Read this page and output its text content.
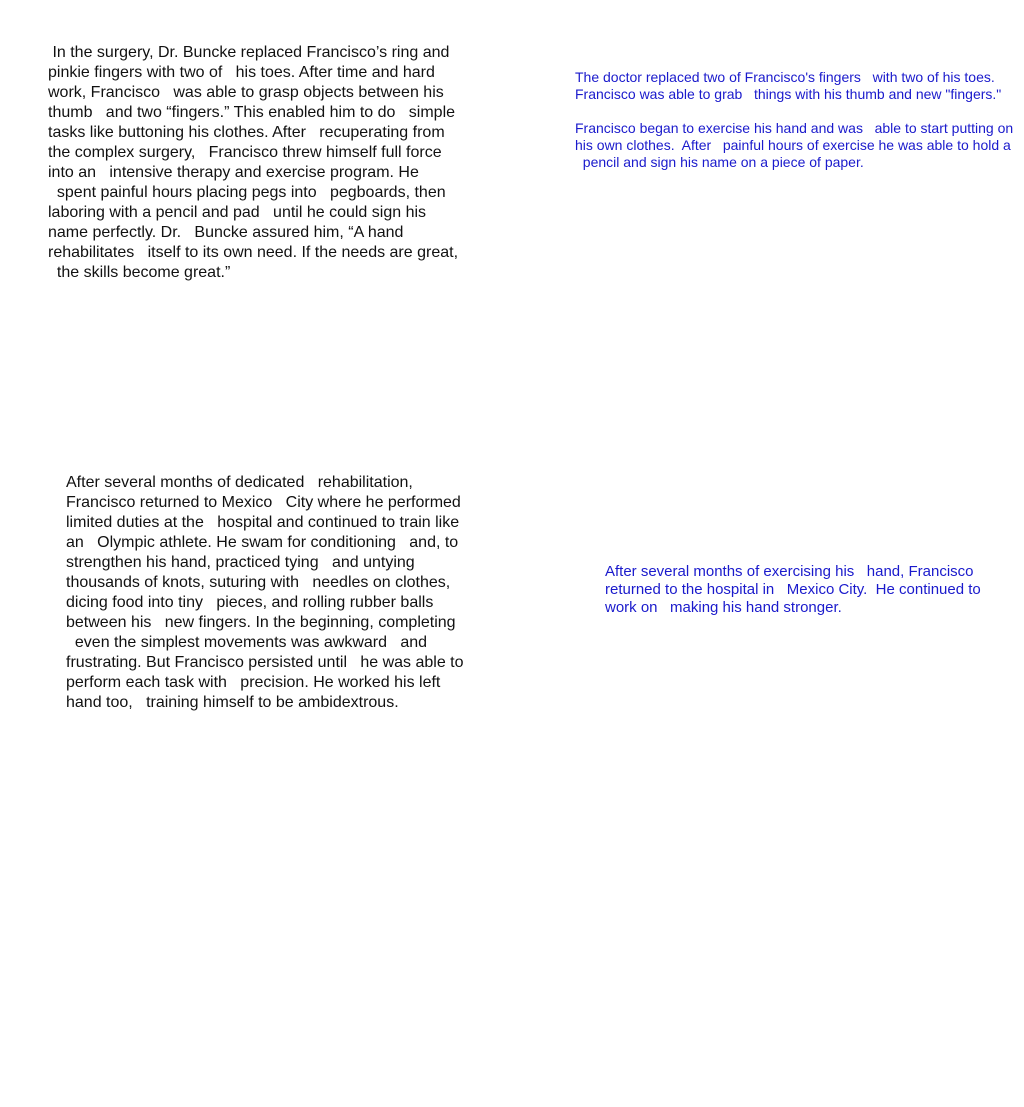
In the surgery, Dr. Buncke replaced Francisco’s ring and
pinkie fingers with two of   his toes. After time and hard
work, Francisco   was able to grasp objects between his
thumb   and two “fingers.” This enabled him to do   simple
tasks like buttoning his clothes. After   recuperating from
the complex surgery,   Francisco threw himself full force
into an   intensive therapy and exercise program. He
spent painful hours placing pegs into   pegboards, then
laboring with a pencil and pad   until he could sign his
name perfectly. Dr.   Buncke assured him, “A hand
rehabilitates   itself to its own need. If the needs are great,
the skills become great.”
The doctor replaced two of Francisco's fingers   with two of his toes.
Francisco was able to grab   things with his thumb and new "fingers."
Francisco began to exercise his hand and was   able to start putting on
his own clothes.  After   painful hours of exercise he was able to hold a
pencil and sign his name on a piece of paper.
After several months of dedicated   rehabilitation,
Francisco returned to Mexico   City where he performed
limited duties at the   hospital and continued to train like
an   Olympic athlete. He swam for conditioning   and, to
strengthen his hand, practiced tying   and untying
thousands of knots, suturing with   needles on clothes,
dicing food into tiny   pieces, and rolling rubber balls
between his   new fingers. In the beginning, completing
even the simplest movements was awkward   and
frustrating. But Francisco persisted until   he was able to
perform each task with   precision. He worked his left
hand too,   training himself to be ambidextrous.
After several months of exercising his   hand, Francisco
returned to the hospital in   Mexico City.  He continued to
work on   making his hand stronger.
